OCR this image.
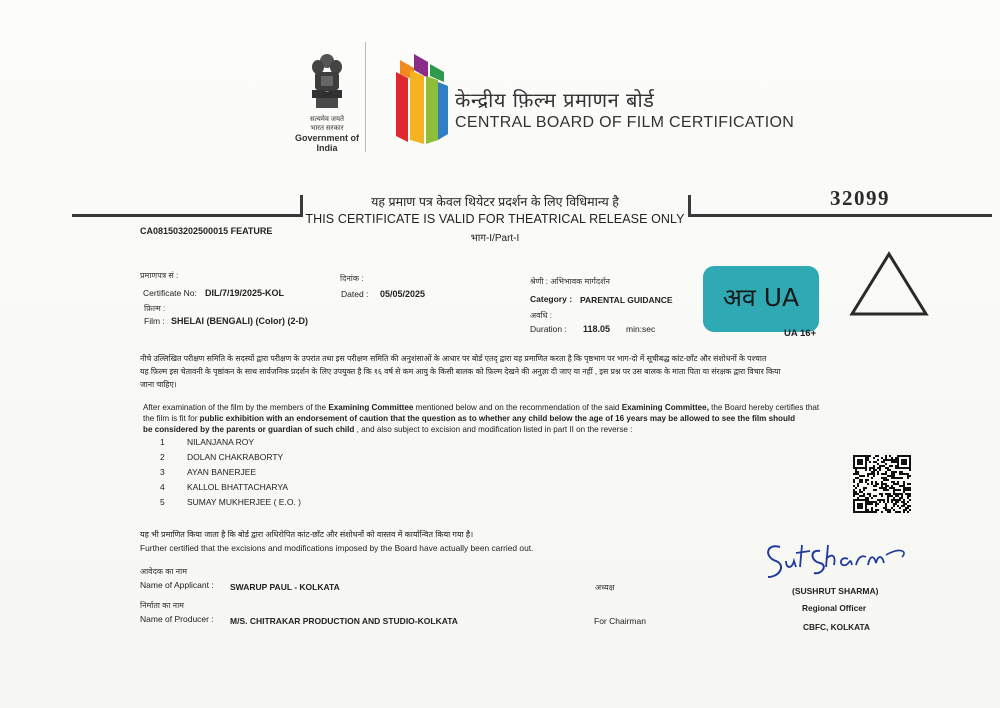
सत्यमेव जयते
भारत सरकार
Government of India
केन्द्रीय फ़िल्म प्रमाणन बोर्ड
CENTRAL BOARD OF FILM CERTIFICATION
यह प्रमाण पत्र केवल थियेटर प्रदर्शन के लिए विधिमान्य है
THIS CERTIFICATE IS VALID FOR THEATRICAL RELEASE ONLY
भाग-I/Part-I
32099
CA081503202500015 FEATURE
प्रमाणपत्र सं :
Certificate No: DIL/7/19/2025-KOL
दिनांक :
Dated : 05/05/2025
फ़िल्म :
Film : SHELAI (BENGALI) (Color) (2-D)
श्रेणी : अभिभावक मार्गदर्शन
Category : PARENTAL GUIDANCE
अवधि :
Duration : 118.05 min:sec
अव UA
UA 16+
नीचे उल्लिखित परीक्षण समिति के सदस्यों द्वारा परीक्षण के उपरांत तथा इस परीक्षण समिति की अनुशंसाओं के आधार पर बोर्ड एतद् द्वारा यह प्रमाणित करता है कि पृष्ठभाग पर भाग-दो में सूचीबद्ध कांट-छाँट और संशोधनों के पश्चात
यह फ़िल्म इस चेतावनी के पृष्ठांकन के साथ सार्वजनिक प्रदर्शन के लिए उपयुक्त है कि १६ वर्ष से कम आयु के किसी बालक को फ़िल्म देखने की अनुज्ञा दी जाए या नहीं , इस प्रश्न पर उस बालक के माता पिता या संरक्षक द्वारा विचार किया
जाना चाहिए।
After examination of the film by the members of the Examining Committee mentioned below and on the recommendation of the said Examining Committee, the Board hereby certifies that
the film is fit for public exhibition with an endorsement of caution that the question as to whether any child below the age of 16 years may be allowed to see the film should
be considered by the parents or guardian of such child , and also subject to excision and modification listed in part II on the reverse :
1	NILANJANA ROY
2	DOLAN CHAKRABORTY
3	AYAN BANERJEE
4	KALLOL BHATTACHARYA
5	SUMAY MUKHERJEE ( E.O. )
यह भी प्रमाणित किया जाता है कि बोर्ड द्वारा अधिरोपित कांट-छाँट और संशोधनों को वास्तव में कार्यान्वित किया गया है।
Further certified that the excisions and modifications imposed by the Board have actually been carried out.
आवेदक का नाम
Name of Applicant : SWARUP PAUL - KOLKATA
निर्माता का नाम
Name of Producer : M/S. CHITRAKAR PRODUCTION AND STUDIO-KOLKATA
अध्यक्ष
For Chairman
(SUSHRUT SHARMA)
Regional Officer
CBFC, KOLKATA
